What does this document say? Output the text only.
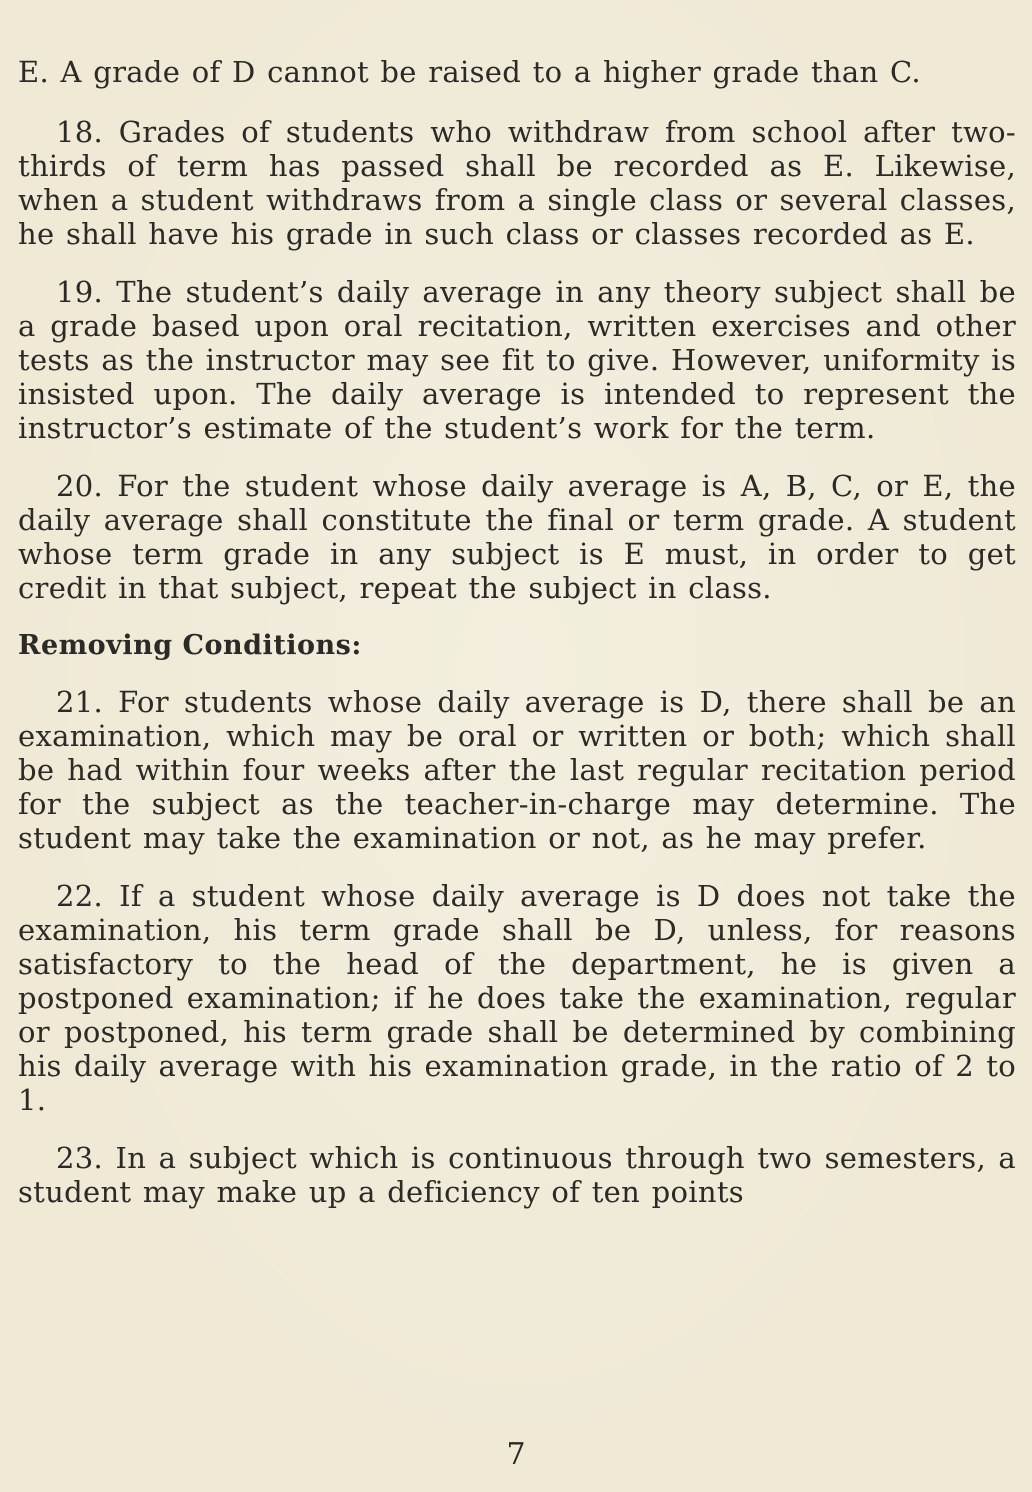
E. A grade of D cannot be raised to a higher grade than C.

18. Grades of students who withdraw from school after two-thirds of term has passed shall be recorded as E. Likewise, when a student withdraws from a single class or several classes, he shall have his grade in such class or classes recorded as E.

19. The student’s daily average in any theory subject shall be a grade based upon oral recitation, written exercises and other tests as the instructor may see fit to give. However, uniformity is insisted upon. The daily average is intended to represent the instructor’s estimate of the student’s work for the term.

20. For the student whose daily average is A, B, C, or E, the daily average shall constitute the final or term grade. A student whose term grade in any subject is E must, in order to get credit in that subject, repeat the subject in class.

Removing Conditions:

21. For students whose daily average is D, there shall be an examination, which may be oral or written or both; which shall be had within four weeks after the last regular recitation period for the subject as the teacher-in-charge may determine. The student may take the examination or not, as he may prefer.

22. If a student whose daily average is D does not take the examination, his term grade shall be D, unless, for reasons satisfactory to the head of the department, he is given a postponed examination; if he does take the examination, regular or postponed, his term grade shall be determined by combining his daily average with his examination grade, in the ratio of 2 to 1.

23. In a subject which is continuous through two semesters, a student may make up a deficiency of ten points

7
